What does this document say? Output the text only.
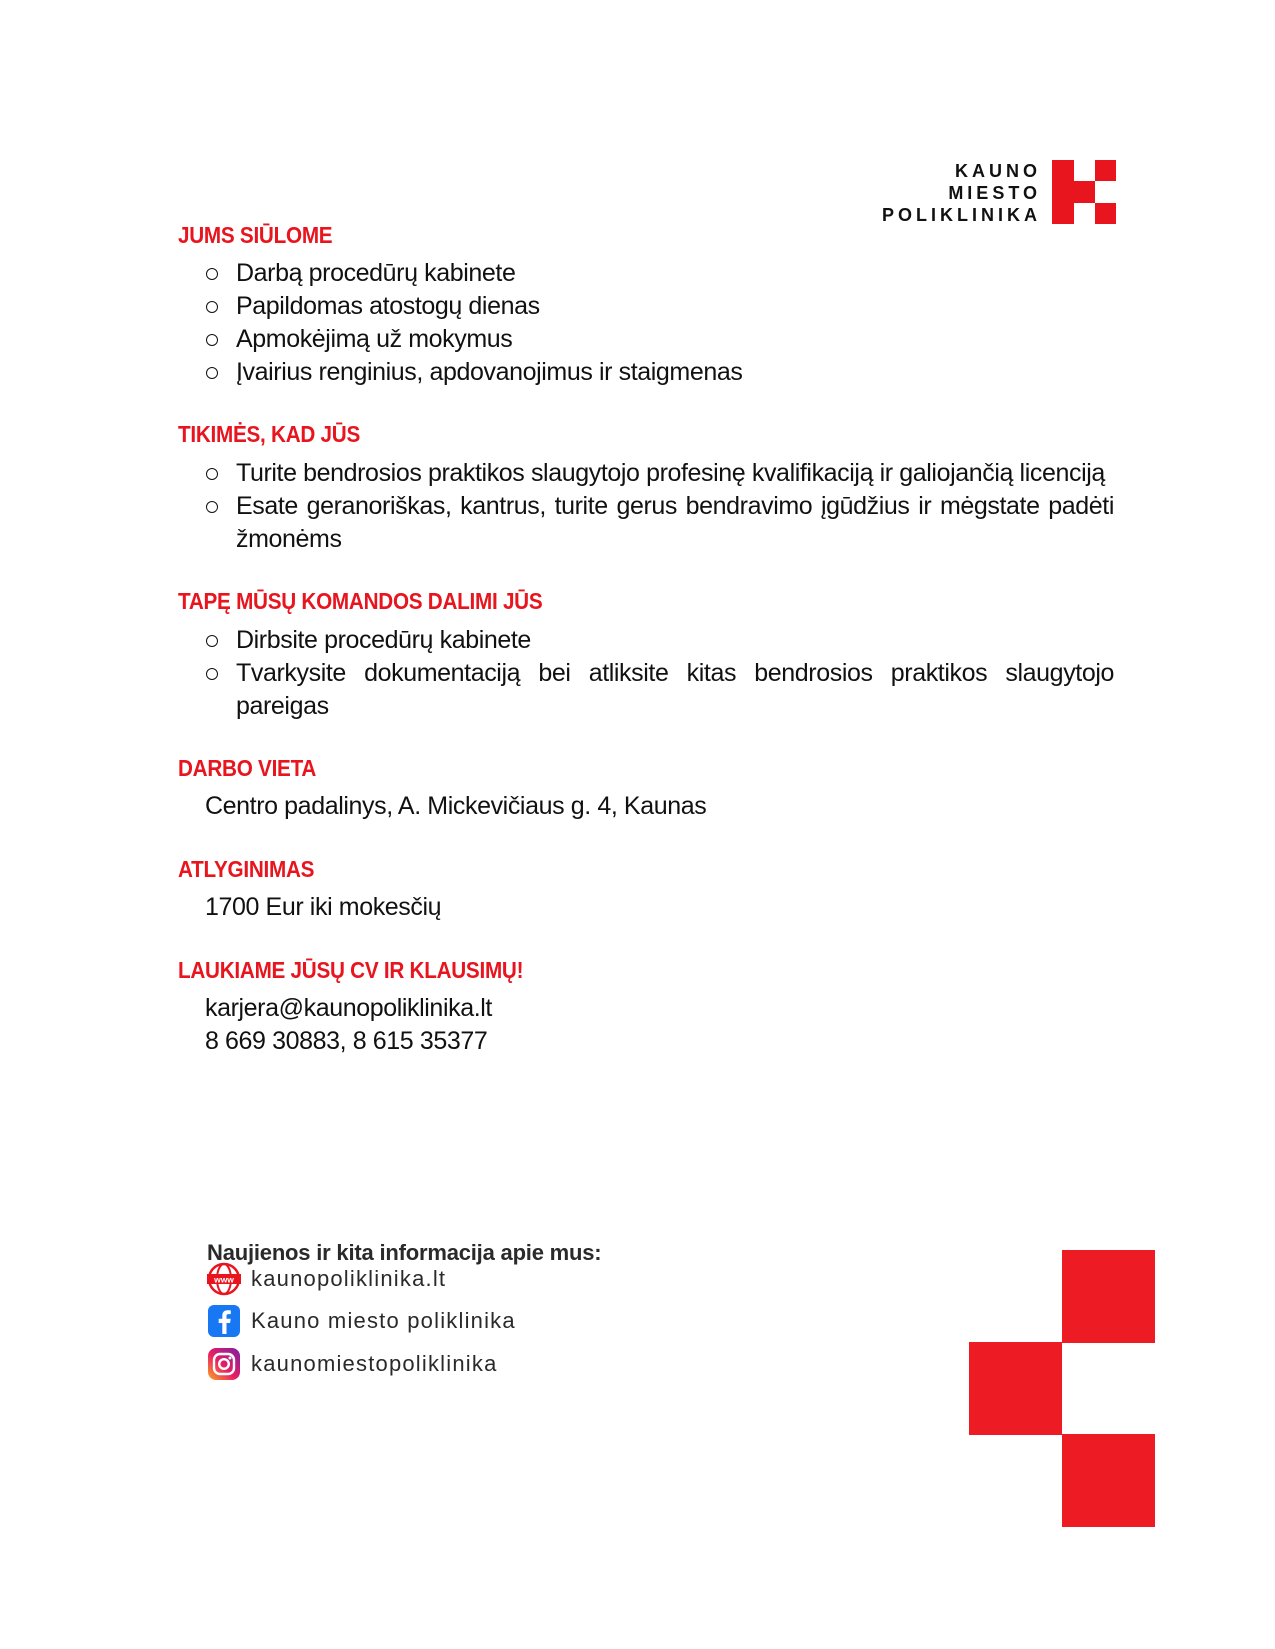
KAUNO
MIESTO
POLIKLINIKA
JUMS SIŪLOME
Darbą procedūrų kabinete
Papildomas atostogų dienas
Apmokėjimą už mokymus
Įvairius renginius, apdovanojimus ir staigmenas
TIKIMĖS, KAD JŪS
Turite bendrosios praktikos slaugytojo profesinę kvalifikaciją ir galiojančią licenciją
Esate geranoriškas, kantrus, turite gerus bendravimo įgūdžius ir mėgstate padėti žmonėms
TAPĘ MŪSŲ KOMANDOS DALIMI JŪS
Dirbsite procedūrų kabinete
Tvarkysite dokumentaciją bei atliksite kitas bendrosios praktikos slaugytojo pareigas
DARBO VIETA
Centro padalinys, A. Mickevičiaus g. 4, Kaunas
ATLYGINIMAS
1700 Eur iki mokesčių
LAUKIAME JŪSŲ CV IR KLAUSIMŲ!
karjera@kaunopoliklinika.lt
8 669 30883, 8 615 35377
Naujienos ir kita informacija apie mus:
www kaunopoliklinika.lt
Kauno miesto poliklinika
kaunomiestopoliklinika
